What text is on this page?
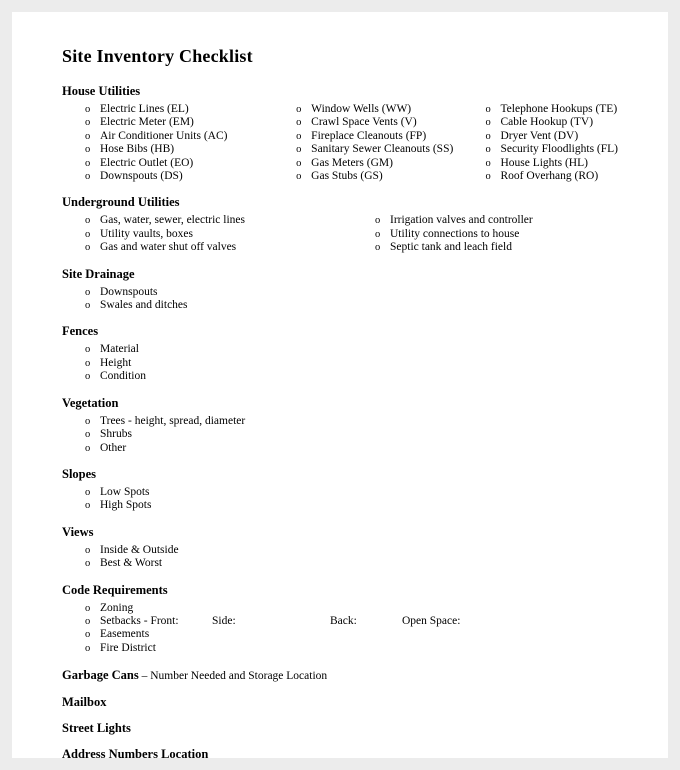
Site Inventory Checklist
House Utilities
o Electric Lines (EL)
o Electric Meter (EM)
o Air Conditioner Units (AC)
o Hose Bibs (HB)
o Electric Outlet (EO)
o Downspouts (DS)
o Window Wells (WW)
o Crawl Space Vents (V)
o Fireplace Cleanouts (FP)
o Sanitary Sewer Cleanouts (SS)
o Gas Meters (GM)
o Gas Stubs (GS)
o Telephone Hookups (TE)
o Cable Hookup (TV)
o Dryer Vent (DV)
o Security Floodlights (FL)
o House Lights (HL)
o Roof Overhang (RO)
Underground Utilities
o Gas, water, sewer, electric lines
o Utility vaults, boxes
o Gas and water shut off valves
o Irrigation valves and controller
o Utility connections to house
o Septic tank and leach field
Site Drainage
o Downspouts
o Swales and ditches
Fences
o Material
o Height
o Condition
Vegetation
o Trees - height, spread, diameter
o Shrubs
o Other
Slopes
o Low Spots
o High Spots
Views
o Inside & Outside
o Best & Worst
Code Requirements
o Zoning
o Setbacks - Front:	Side:	Back:	Open Space:
o Easements
o Fire District
Garbage Cans – Number Needed and Storage Location
Mailbox
Street Lights
Address Numbers Location
